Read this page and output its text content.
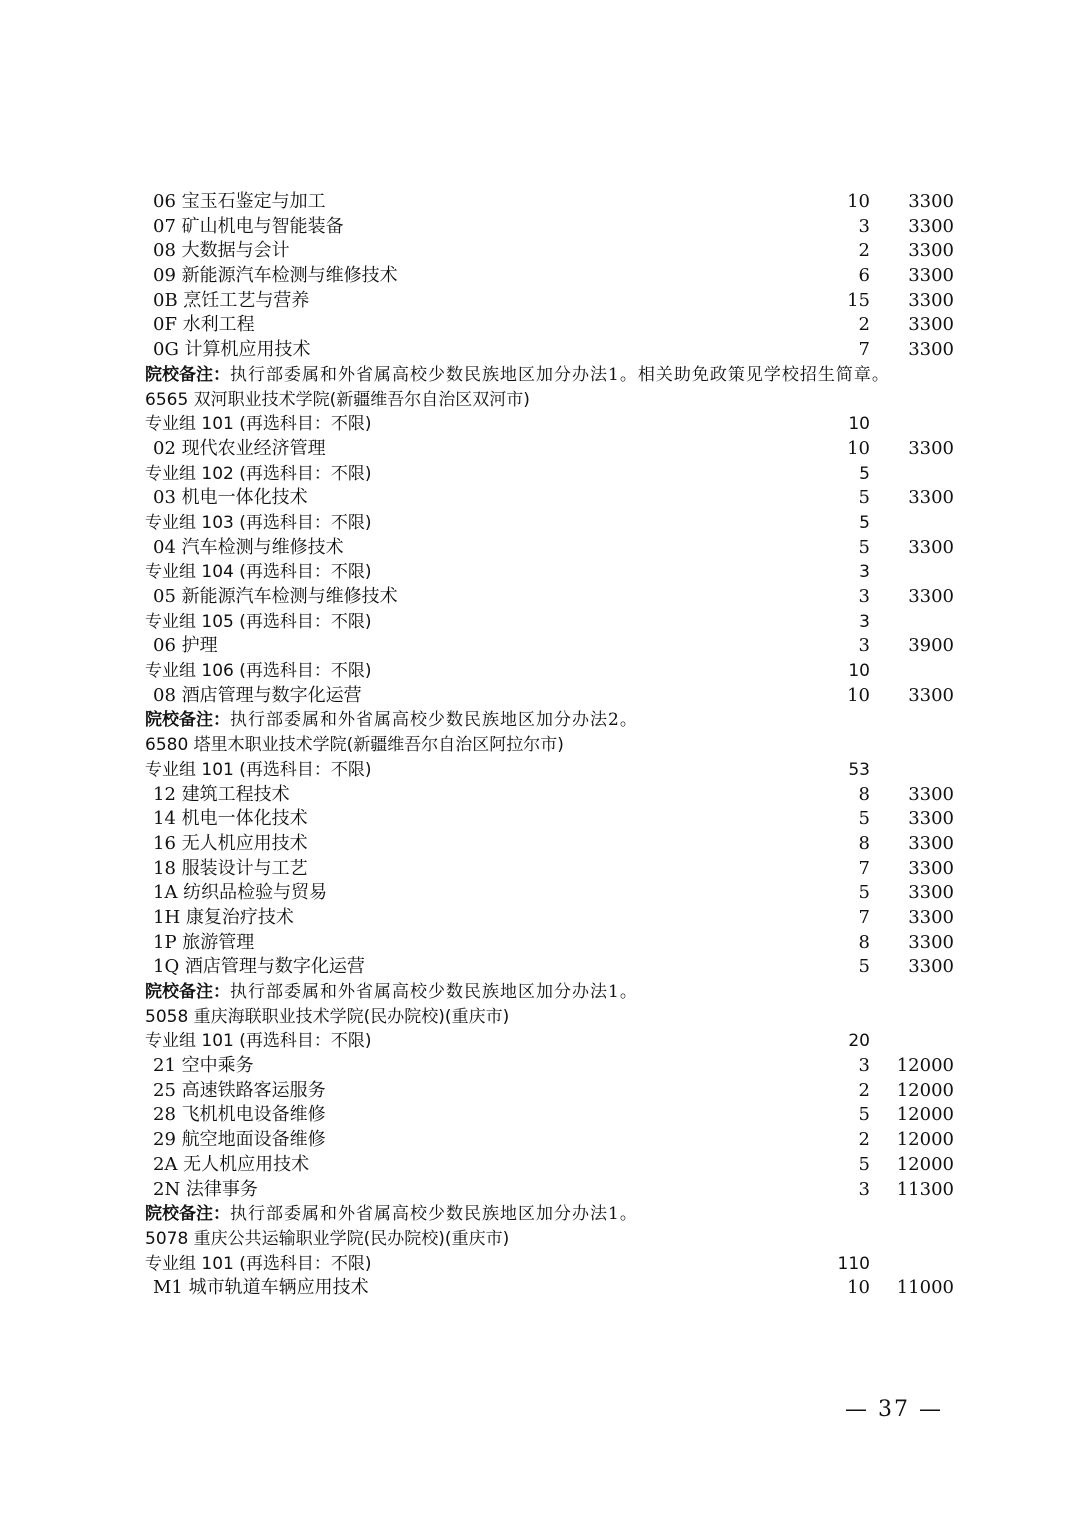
06 宝玉石鉴定与加工	10 3300
07 矿山机电与智能装备	3 3300
08 大数据与会计	2 3300
09 新能源汽车检测与维修技术	6 3300
0B 烹饪工艺与营养	15 3300
0F 水利工程	2 3300
0G 计算机应用技术	7 3300
院校备注：执行部委属和外省属高校少数民族地区加分办法1。相关助免政策见学校招生简章。
6565 双河职业技术学院(新疆维吾尔自治区双河市)
专业组 101 (再选科目：不限)	10
02 现代农业经济管理	10 3300
专业组 102 (再选科目：不限)	5
03 机电一体化技术	5 3300
专业组 103 (再选科目：不限)	5
04 汽车检测与维修技术	5 3300
专业组 104 (再选科目：不限)	3
05 新能源汽车检测与维修技术	3 3300
专业组 105 (再选科目：不限)	3
06 护理	3 3900
专业组 106 (再选科目：不限)	10
08 酒店管理与数字化运营	10 3300
院校备注：执行部委属和外省属高校少数民族地区加分办法2。
6580 塔里木职业技术学院(新疆维吾尔自治区阿拉尔市)
专业组 101 (再选科目：不限)	53
12 建筑工程技术	8 3300
14 机电一体化技术	5 3300
16 无人机应用技术	8 3300
18 服装设计与工艺	7 3300
1A 纺织品检验与贸易	5 3300
1H 康复治疗技术	7 3300
1P 旅游管理	8 3300
1Q 酒店管理与数字化运营	5 3300
院校备注：执行部委属和外省属高校少数民族地区加分办法1。
5058 重庆海联职业技术学院(民办院校)(重庆市)
专业组 101 (再选科目：不限)	20
21 空中乘务	3 12000
25 高速铁路客运服务	2 12000
28 飞机机电设备维修	5 12000
29 航空地面设备维修	2 12000
2A 无人机应用技术	5 12000
2N 法律事务	3 11300
院校备注：执行部委属和外省属高校少数民族地区加分办法1。
5078 重庆公共运输职业学院(民办院校)(重庆市)
专业组 101 (再选科目：不限)	110
M1 城市轨道车辆应用技术	10 11000
— 37 —
